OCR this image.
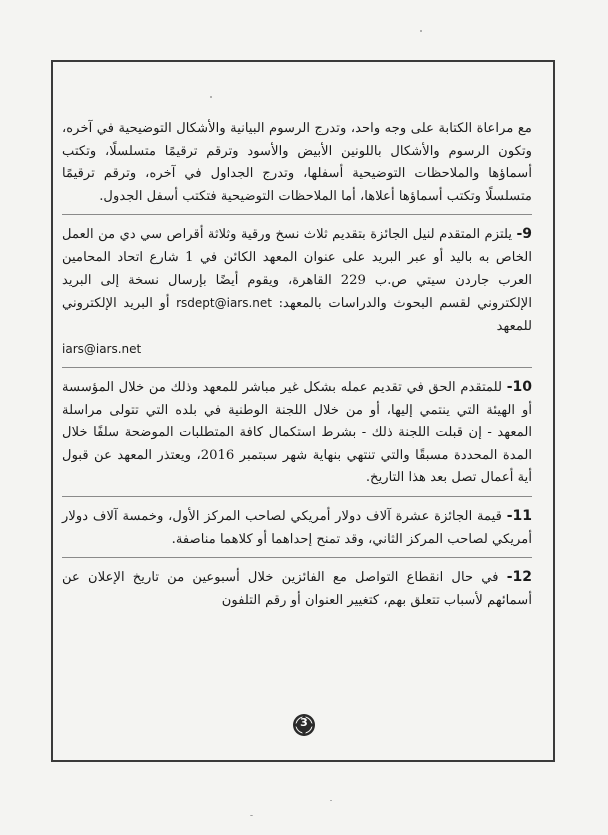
مع مراعاة الكتابة على وجه واحد، وتدرج الرسوم البيانية والأشكال التوضيحية في آخره، وتكون الرسوم والأشكال باللونين الأبيض والأسود وترقم ترقيمًا متسلسلًا، وتكتب أسماؤها والملاحظات التوضيحية أسفلها، وتدرج الجداول في آخره، وترقم ترقيمًا متسلسلًا وتكتب أسماؤها أعلاها، أما الملاحظات التوضيحية فتكتب أسفل الجدول.

9- يلتزم المتقدم لنيل الجائزة بتقديم ثلاث نسخ ورقية وثلاثة أقراص سي دي من العمل الخاص به باليد أو عبر البريد على عنوان المعهد الكائن في 1 شارع اتحاد المحامين العرب جاردن سيتي ص.ب 229 القاهرة، ويقوم أيضًا بإرسال نسخة إلى البريد الإلكتروني لقسم البحوث والدراسات بالمعهد: rsdept@iars.net أو البريد الإلكتروني للمعهد
iars@iars.net

10- للمتقدم الحق في تقديم عمله بشكل غير مباشر للمعهد وذلك من خلال المؤسسة أو الهيئة التي ينتمي إليها، أو من خلال اللجنة الوطنية في بلده التي تتولى مراسلة المعهد - إن قبلت اللجنة ذلك - بشرط استكمال كافة المتطلبات الموضحة سلفًا خلال المدة المحددة مسبقًا والتي تنتهي بنهاية شهر سبتمبر 2016، ويعتذر المعهد عن قبول أية أعمال تصل بعد هذا التاريخ.

11- قيمة الجائزة عشرة آلاف دولار أمريكي لصاحب المركز الأول، وخمسة آلاف دولار أمريكي لصاحب المركز الثاني، وقد تمنح إحداهما أو كلاهما مناصفة.

12- في حال انقطاع التواصل مع الفائزين خلال أسبوعين من تاريخ الإعلان عن أسمائهم لأسباب تتعلق بهم، كتغيير العنوان أو رقم التلفون

3
